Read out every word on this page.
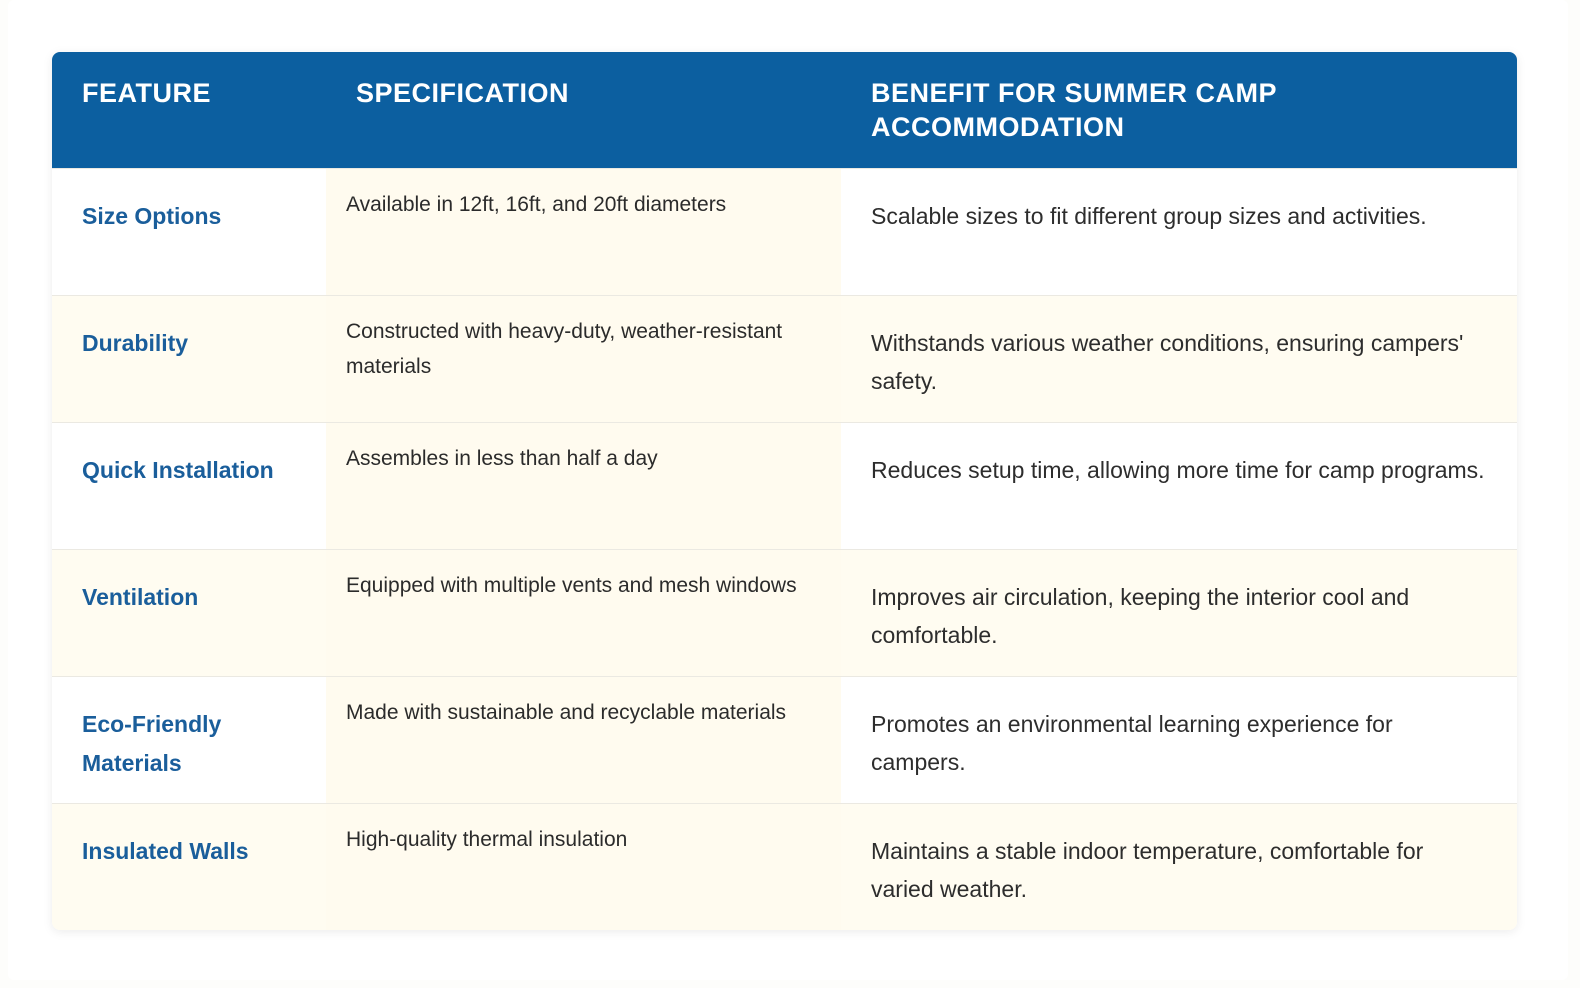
FEATURE	SPECIFICATION	BENEFIT FOR SUMMER CAMP ACCOMMODATION
Size Options	Available in 12ft, 16ft, and 20ft diameters	Scalable sizes to fit different group sizes and activities.
Durability	Constructed with heavy-duty, weather-resistant materials	Withstands various weather conditions, ensuring campers' safety.
Quick Installation	Assembles in less than half a day	Reduces setup time, allowing more time for camp programs.
Ventilation	Equipped with multiple vents and mesh windows	Improves air circulation, keeping the interior cool and comfortable.
Eco-Friendly Materials	Made with sustainable and recyclable materials	Promotes an environmental learning experience for campers.
Insulated Walls	High-quality thermal insulation	Maintains a stable indoor temperature, comfortable for varied weather.
